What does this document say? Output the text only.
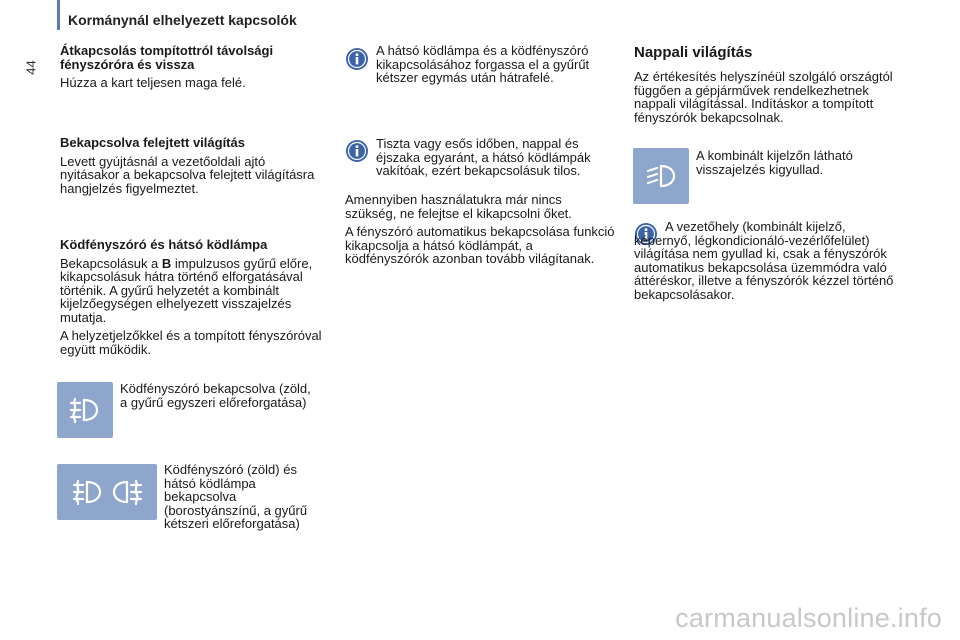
44
Kormánynál elhelyezett kapcsolók

Átkapcsolás tompítottról távolsági fényszóróra és vissza

Húzza a kart teljesen maga felé.

Bekapcsolva felejtett világítás

Levett gyújtásnál a vezetőoldali ajtó nyitásakor a bekapcsolva felejtett világításra hangjelzés figyelmeztet.

Ködfényszóró és hátsó ködlámpa

Bekapcsolásuk a B impulzusos gyűrű előre, kikapcsolásuk hátra történő elforgatásával történik. A gyűrű helyzetét a kombinált kijelzőegységen elhelyezett visszajelzés mutatja.

A helyzetjelzőkkel és a tompított fényszóróval együtt működik.

Ködfényszóró bekapcsolva (zöld, a gyűrű egyszeri előreforgatása)
Ködfényszóró (zöld) és hátsó ködlámpa bekapcsolva (borostyánszínű, a gyűrű kétszeri előreforgatása)
A hátsó ködlámpa és a ködfényszóró kikapcsolásához forgassa el a gyűrűt kétszer egymás után hátrafelé.
Tiszta vagy esős időben, nappal és éjszaka egyaránt, a hátsó ködlámpák vakítóak, ezért bekapcsolásuk tilos.

Amennyiben használatukra már nincs szükség, ne felejtse el kikapcsolni őket.

A fényszóró automatikus bekapcsolása funkció kikapcsolja a hátsó ködlámpát, a ködfényszórók azonban tovább világítanak.

Nappali világítás
Az értékesítés helyszínéül szolgáló országtól függően a gépjárművek rendelkezhetnek nappali világítással. Indításkor a tompított fényszórók bekapcsolnak.
A kombinált kijelzőn látható visszajelzés kigyullad.
A vezetőhely (kombinált kijelző, képernyő, légkondicionáló-vezérlőfelület) világítása nem gyullad ki, csak a fényszórók automatikus bekapcsolása üzemmódra való áttéréskor, illetve a fényszórók kézzel történő bekapcsolásakor.
carmanualsonline.info
